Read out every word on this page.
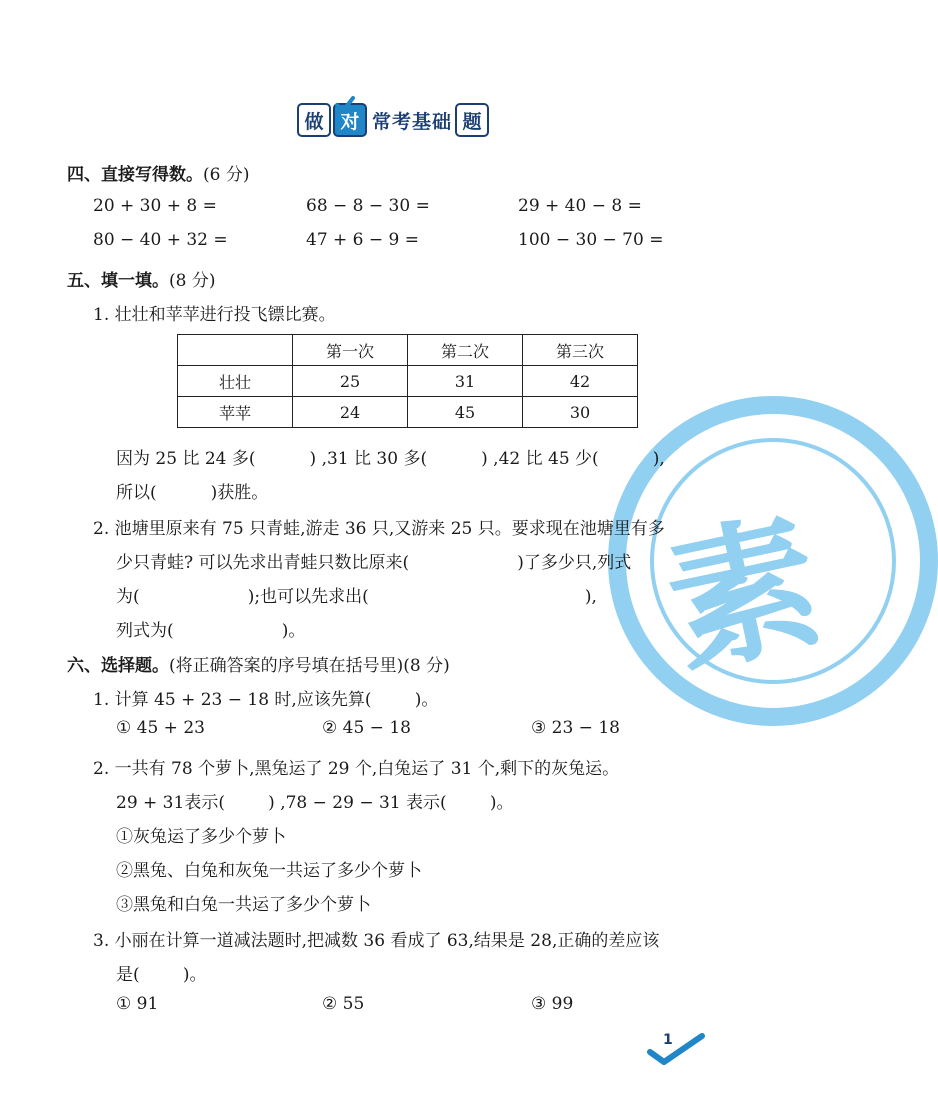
素
做 对 常考基础 题
四、直接写得数。(6 分)
20 + 30 + 8 =	68 − 8 − 30 =	29 + 40 − 8 =
80 − 40 + 32 =	47 + 6 − 9 =	100 − 30 − 70 =
五、填一填。(8 分)
1. 壮壮和苹苹进行投飞镖比赛。
	第一次	第二次	第三次
壮壮	25	31	42
苹苹	24	45	30
因为 25 比 24 多(          ) ,31 比 30 多(          ) ,42 比 45 少(          ),
所以(          )获胜。
2. 池塘里原来有 75 只青蛙,游走 36 只,又游来 25 只。要求现在池塘里有多
少只青蛙? 可以先求出青蛙只数比原来(                    )了多少只,列式
为(                    );也可以先求出(                                        ),
列式为(                    )。
六、选择题。(将正确答案的序号填在括号里)(8 分)
1. 计算 45 + 23 − 18 时,应该先算(        )。
① 45 + 23	② 45 − 18	③ 23 − 18
2. 一共有 78 个萝卜,黑兔运了 29 个,白兔运了 31 个,剩下的灰兔运。
29 + 31表示(        ) ,78 − 29 − 31 表示(        )。
①灰兔运了多少个萝卜
②黑兔、白兔和灰兔一共运了多少个萝卜
③黑兔和白兔一共运了多少个萝卜
3. 小丽在计算一道减法题时,把减数 36 看成了 63,结果是 28,正确的差应该
是(        )。
① 91	② 55	③ 99
1
